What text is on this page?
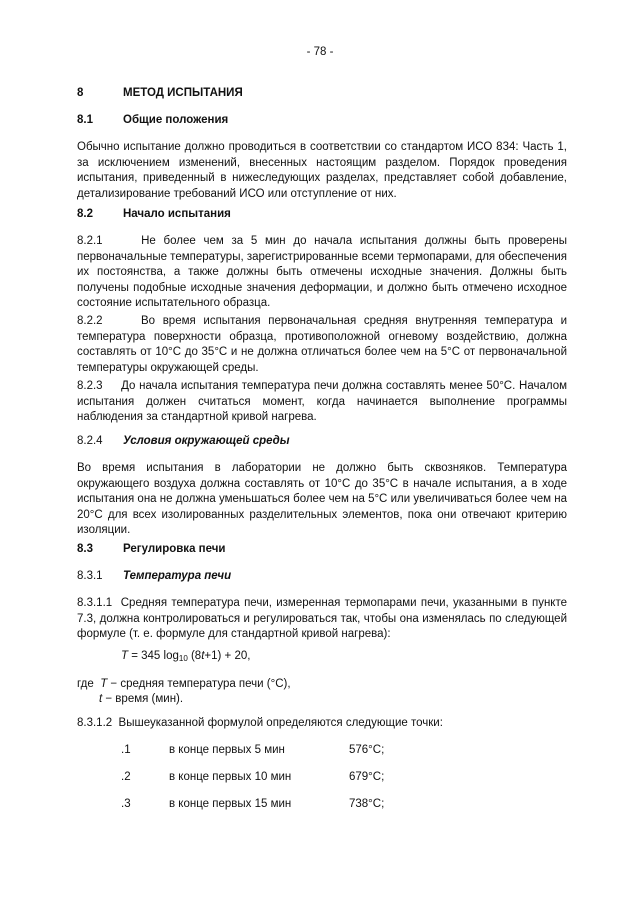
- 78 -
8	МЕТОД ИСПЫТАНИЯ
8.1	Общие положения
Обычно испытание должно проводиться в соответствии со стандартом ИСО 834: Часть 1, за исключением изменений, внесенных настоящим разделом. Порядок проведения испытания, приведенный в нижеследующих разделах, представляет собой добавление, детализирование требований ИСО или отступление от них.
8.2	Начало испытания
8.2.1     Не более чем за 5 мин до начала испытания должны быть проверены первоначальные температуры, зарегистрированные всеми термопарами, для обеспечения их постоянства, а также должны быть отмечены исходные значения. Должны быть получены подобные исходные значения деформации, и должно быть отмечено исходное состояние испытательного образца.
8.2.2     Во время испытания первоначальная средняя внутренняя температура и температура поверхности образца, противоположной огневому воздействию, должна составлять от 10°C до 35°C и не должна отличаться более чем на 5°C от первоначальной температуры окружающей среды.
8.2.3     До начала испытания температура печи должна составлять менее 50°C. Началом испытания должен считаться момент, когда начинается выполнение программы наблюдения за стандартной кривой нагрева.
8.2.4 Условия окружающей среды
Во время испытания в лаборатории не должно быть сквозняков. Температура окружающего воздуха должна составлять от 10°C до 35°C в начале испытания, а в ходе испытания она не должна уменьшаться более чем на 5°C или увеличиваться более чем на 20°C для всех изолированных разделительных элементов, пока они отвечают критерию изоляции.
8.3	Регулировка печи
8.3.1 Температура печи
8.3.1.1  Средняя температура печи, измеренная термопарами печи, указанными в пункте 7.3, должна контролироваться и регулироваться так, чтобы она изменялась по следующей формуле (т. е. формуле для стандартной кривой нагрева):
T = 345 $\log_{10} (8t+1) + 20$,
где T − средняя температура печи (°C),
t − время (мин).
8.3.1.2  Вышеуказанной формулой определяются следующие точки:
.1	в конце первых 5 мин	576°C;
.2	в конце первых 10 мин	679°C;
.3	в конце первых 15 мин	738°C;
